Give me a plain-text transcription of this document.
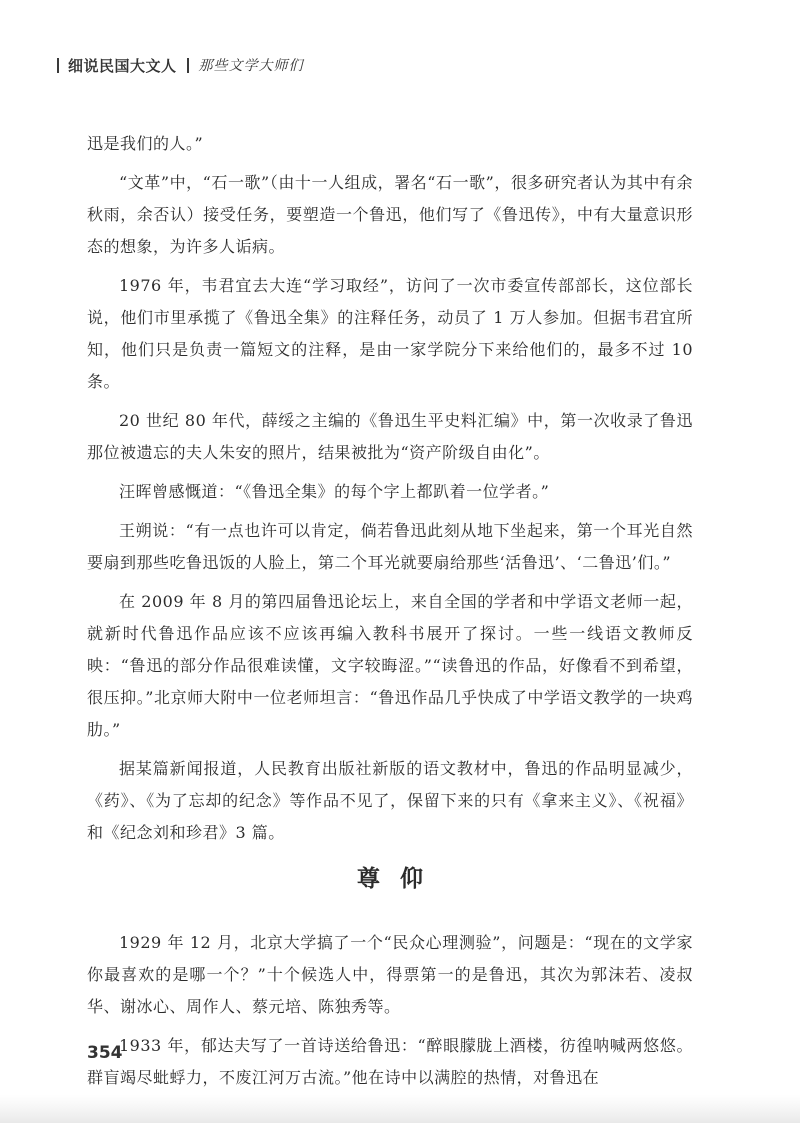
细说民国大文人 那些文学大师们

迅是我们的人。”

“文革”中，“石一歌”（由十一人组成，署名“石一歌”，很多研究者认为其中有余秋雨，余否认）接受任务，要塑造一个鲁迅，他们写了《鲁迅传》，中有大量意识形态的想象，为许多人诟病。

1976 年，韦君宜去大连“学习取经”，访问了一次市委宣传部部长，这位部长说，他们市里承揽了《鲁迅全集》的注释任务，动员了 1 万人参加。但据韦君宜所知，他们只是负责一篇短文的注释，是由一家学院分下来给他们的，最多不过 10 条。

20 世纪 80 年代，薛绥之主编的《鲁迅生平史料汇编》中，第一次收录了鲁迅那位被遗忘的夫人朱安的照片，结果被批为“资产阶级自由化”。

汪晖曾感慨道：“《鲁迅全集》的每个字上都趴着一位学者。”

王朔说：“有一点也许可以肯定，倘若鲁迅此刻从地下坐起来，第一个耳光自然要扇到那些吃鲁迅饭的人脸上，第二个耳光就要扇给那些‘活鲁迅’、‘二鲁迅’们。”

在 2009 年 8 月的第四届鲁迅论坛上，来自全国的学者和中学语文老师一起，就新时代鲁迅作品应该不应该再编入教科书展开了探讨。一些一线语文教师反映：“鲁迅的部分作品很难读懂，文字较晦涩。”“读鲁迅的作品，好像看不到希望，很压抑。”北京师大附中一位老师坦言：“鲁迅作品几乎快成了中学语文教学的一块鸡肋。”

据某篇新闻报道，人民教育出版社新版的语文教材中，鲁迅的作品明显减少，《药》、《为了忘却的纪念》等作品不见了，保留下来的只有《拿来主义》、《祝福》和《纪念刘和珍君》3 篇。

尊仰

1929 年 12 月，北京大学搞了一个“民众心理测验”，问题是：“现在的文学家你最喜欢的是哪一个？”十个候选人中，得票第一的是鲁迅，其次为郭沫若、凌叔华、谢冰心、周作人、蔡元培、陈独秀等。

1933 年，郁达夫写了一首诗送给鲁迅：“醉眼朦胧上酒楼，彷徨呐喊两悠悠。群盲竭尽蚍蜉力，不废江河万古流。”他在诗中以满腔的热情，对鲁迅在

354
